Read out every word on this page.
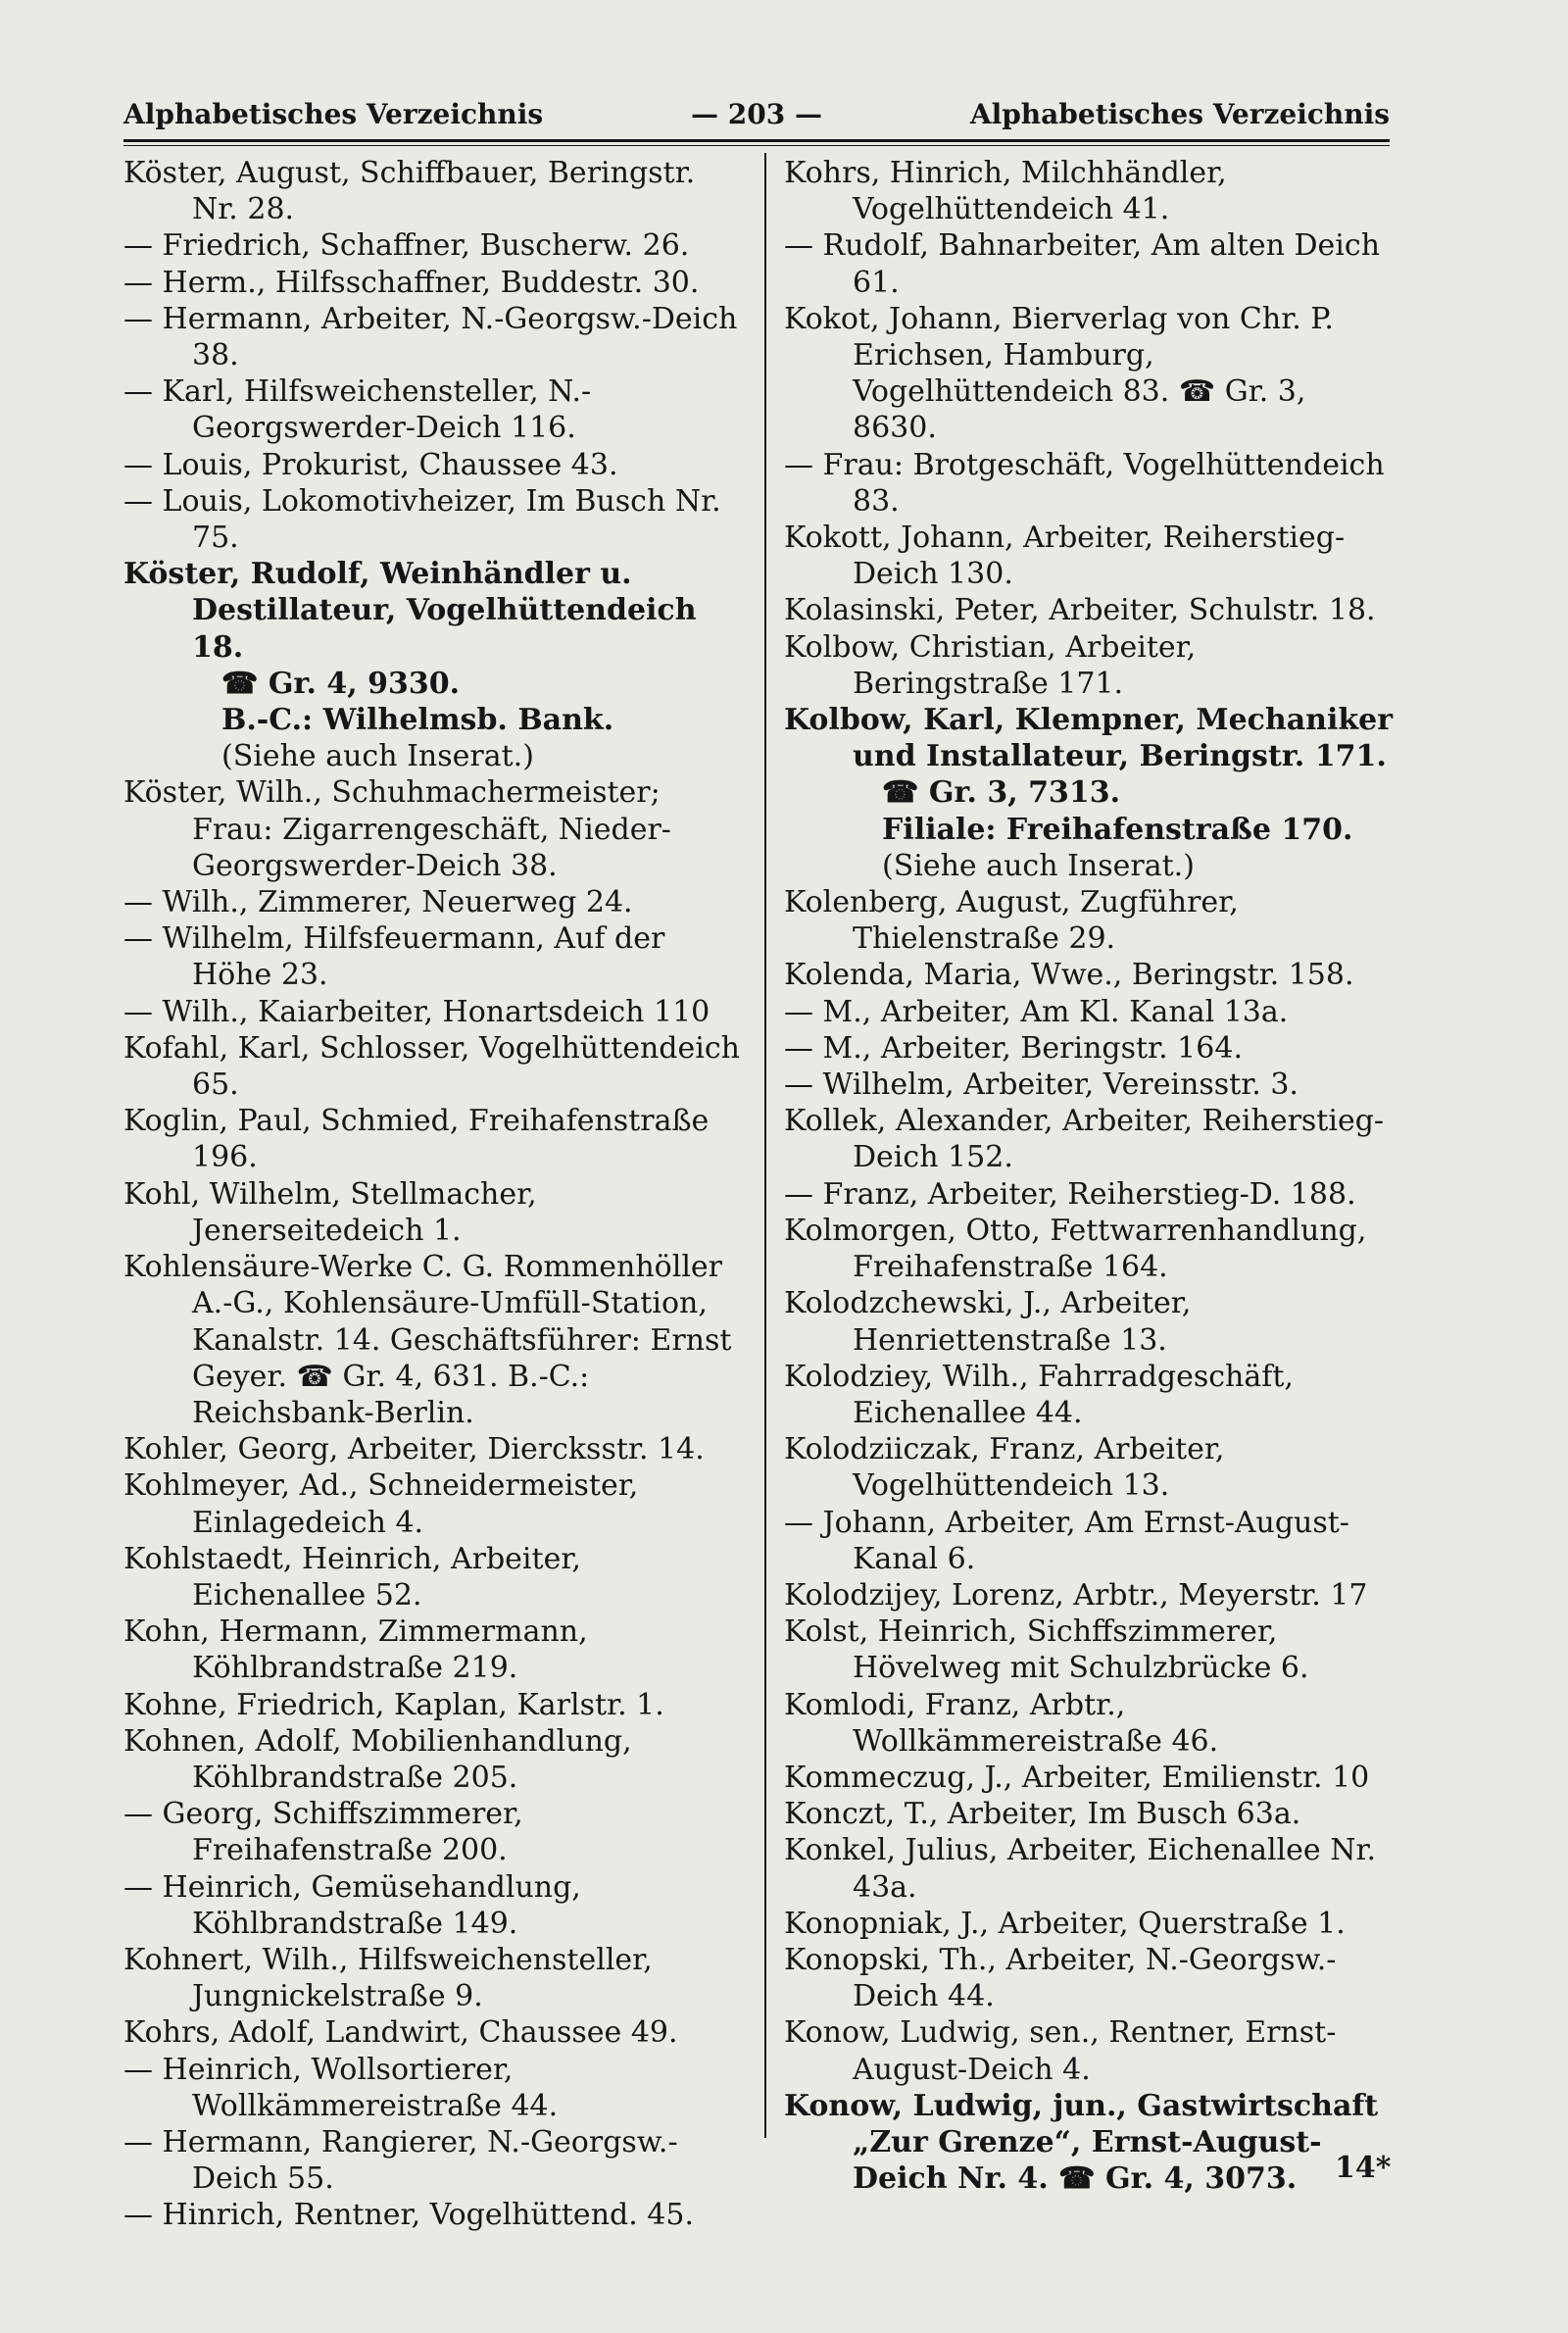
Alphabetisches Verzeichnis	— 203 —	Alphabetisches Verzeichnis
Köster, August, Schiffbauer, Beringstr. Nr. 28.
— Friedrich, Schaffner, Buscherw. 26.
— Herm., Hilfsschaffner, Buddestr. 30.
— Hermann, Arbeiter, N.-Georgsw.-Deich 38.
— Karl, Hilfsweichensteller, N.-Georgswerder-Deich 116.
— Louis, Prokurist, Chaussee 43.
— Louis, Lokomotivheizer, Im Busch Nr. 75.
Köster, Rudolf, Weinhändler u. Destillateur, Vogelhüttendeich 18.
☎ Gr. 4, 9330.
B.-C.: Wilhelmsb. Bank.
(Siehe auch Inserat.)
Köster, Wilh., Schuhmachermeister; Frau: Zigarrengeschäft, Nieder-Georgswerder-Deich 38.
— Wilh., Zimmerer, Neuerweg 24.
— Wilhelm, Hilfsfeuermann, Auf der Höhe 23.
— Wilh., Kaiarbeiter, Honartsdeich 110
Kofahl, Karl, Schlosser, Vogelhüttendeich 65.
Koglin, Paul, Schmied, Freihafenstraße 196.
Kohl, Wilhelm, Stellmacher, Jenerseitedeich 1.
Kohlensäure-Werke C. G. Rommenhöller A.-G., Kohlensäure-Umfüll-Station, Kanalstr. 14. Geschäftsführer: Ernst Geyer. ☎ Gr. 4, 631. B.-C.: Reichsbank-Berlin.
Kohler, Georg, Arbeiter, Diercksstr. 14.
Kohlmeyer, Ad., Schneidermeister, Einlagedeich 4.
Kohlstaedt, Heinrich, Arbeiter, Eichenallee 52.
Kohn, Hermann, Zimmermann, Köhlbrandstraße 219.
Kohne, Friedrich, Kaplan, Karlstr. 1.
Kohnen, Adolf, Mobilienhandlung, Köhlbrandstraße 205.
— Georg, Schiffszimmerer, Freihafenstraße 200.
— Heinrich, Gemüsehandlung, Köhlbrandstraße 149.
Kohnert, Wilh., Hilfsweichensteller, Jungnickelstraße 9.
Kohrs, Adolf, Landwirt, Chaussee 49.
— Heinrich, Wollsortierer, Wollkämmereistraße 44.
— Hermann, Rangierer, N.-Georgsw.-Deich 55.
— Hinrich, Rentner, Vogelhüttend. 45.
Kohrs, Hinrich, Milchhändler, Vogelhüttendeich 41.
— Rudolf, Bahnarbeiter, Am alten Deich 61.
Kokot, Johann, Bierverlag von Chr. P. Erichsen, Hamburg, Vogelhüttendeich 83. ☎ Gr. 3, 8630.
— Frau: Brotgeschäft, Vogelhüttendeich 83.
Kokott, Johann, Arbeiter, Reiherstieg-Deich 130.
Kolasinski, Peter, Arbeiter, Schulstr. 18.
Kolbow, Christian, Arbeiter, Beringstraße 171.
Kolbow, Karl, Klempner, Mechaniker und Installateur, Beringstr. 171.
☎ Gr. 3, 7313.
Filiale: Freihafenstraße 170.
(Siehe auch Inserat.)
Kolenberg, August, Zugführer, Thielenstraße 29.
Kolenda, Maria, Wwe., Beringstr. 158.
— M., Arbeiter, Am Kl. Kanal 13a.
— M., Arbeiter, Beringstr. 164.
— Wilhelm, Arbeiter, Vereinsstr. 3.
Kollek, Alexander, Arbeiter, Reiherstieg-Deich 152.
— Franz, Arbeiter, Reiherstieg-D. 188.
Kolmorgen, Otto, Fettwarrenhandlung, Freihafenstraße 164.
Kolodzchewski, J., Arbeiter, Henriettenstraße 13.
Kolodziey, Wilh., Fahrradgeschäft, Eichenallee 44.
Kolodziiczak, Franz, Arbeiter, Vogelhüttendeich 13.
— Johann, Arbeiter, Am Ernst-August-Kanal 6.
Kolodzijey, Lorenz, Arbtr., Meyerstr. 17
Kolst, Heinrich, Sichffszimmerer, Hövelweg mit Schulzbrücke 6.
Komlodi, Franz, Arbtr., Wollkämmereistraße 46.
Kommeczug, J., Arbeiter, Emilienstr. 10
Konczt, T., Arbeiter, Im Busch 63a.
Konkel, Julius, Arbeiter, Eichenallee Nr. 43a.
Konopniak, J., Arbeiter, Querstraße 1.
Konopski, Th., Arbeiter, N.-Georgsw.-Deich 44.
Konow, Ludwig, sen., Rentner, Ernst-August-Deich 4.
Konow, Ludwig, jun., Gastwirtschaft „Zur Grenze“, Ernst-August-Deich Nr. 4. ☎ Gr. 4, 3073.	14*
